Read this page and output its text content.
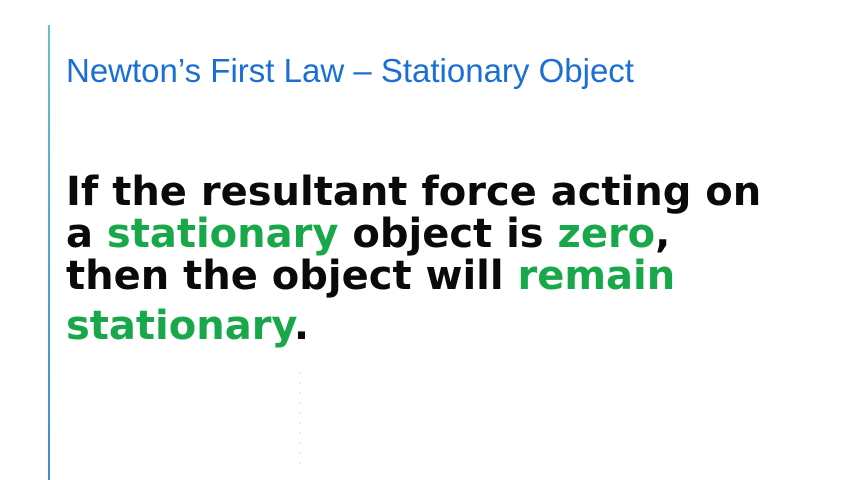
Newton’s First Law – Stationary Object
If the resultant force acting on
a stationary object is zero,
then the object will remain
stationary.
